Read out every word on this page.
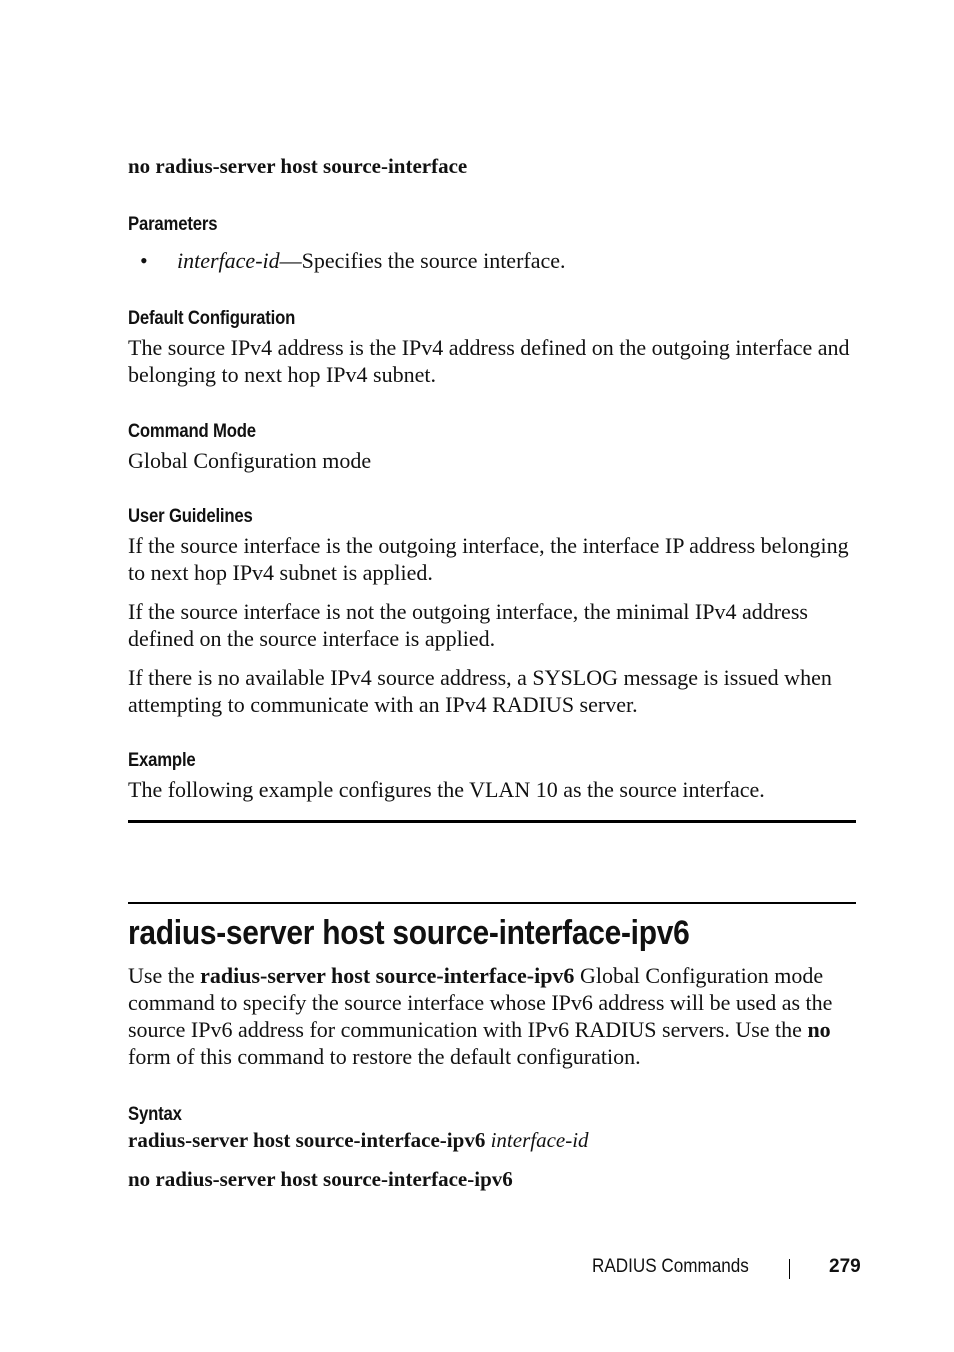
no radius-server host source-interface

Parameters

• interface-id—Specifies the source interface.

Default Configuration

The source IPv4 address is the IPv4 address defined on the outgoing interface and belonging to next hop IPv4 subnet.

Command Mode

Global Configuration mode

User Guidelines

If the source interface is the outgoing interface, the interface IP address belonging to next hop IPv4 subnet is applied.

If the source interface is not the outgoing interface, the minimal IPv4 address defined on the source interface is applied.

If there is no available IPv4 source address, a SYSLOG message is issued when attempting to communicate with an IPv4 RADIUS server.

Example

The following example configures the VLAN 10 as the source interface.

radius-server host source-interface-ipv6

Use the radius-server host source-interface-ipv6 Global Configuration mode command to specify the source interface whose IPv6 address will be used as the source IPv6 address for communication with IPv6 RADIUS servers. Use the no form of this command to restore the default configuration.

Syntax

radius-server host source-interface-ipv6 interface-id

no radius-server host source-interface-ipv6

RADIUS Commands	279
